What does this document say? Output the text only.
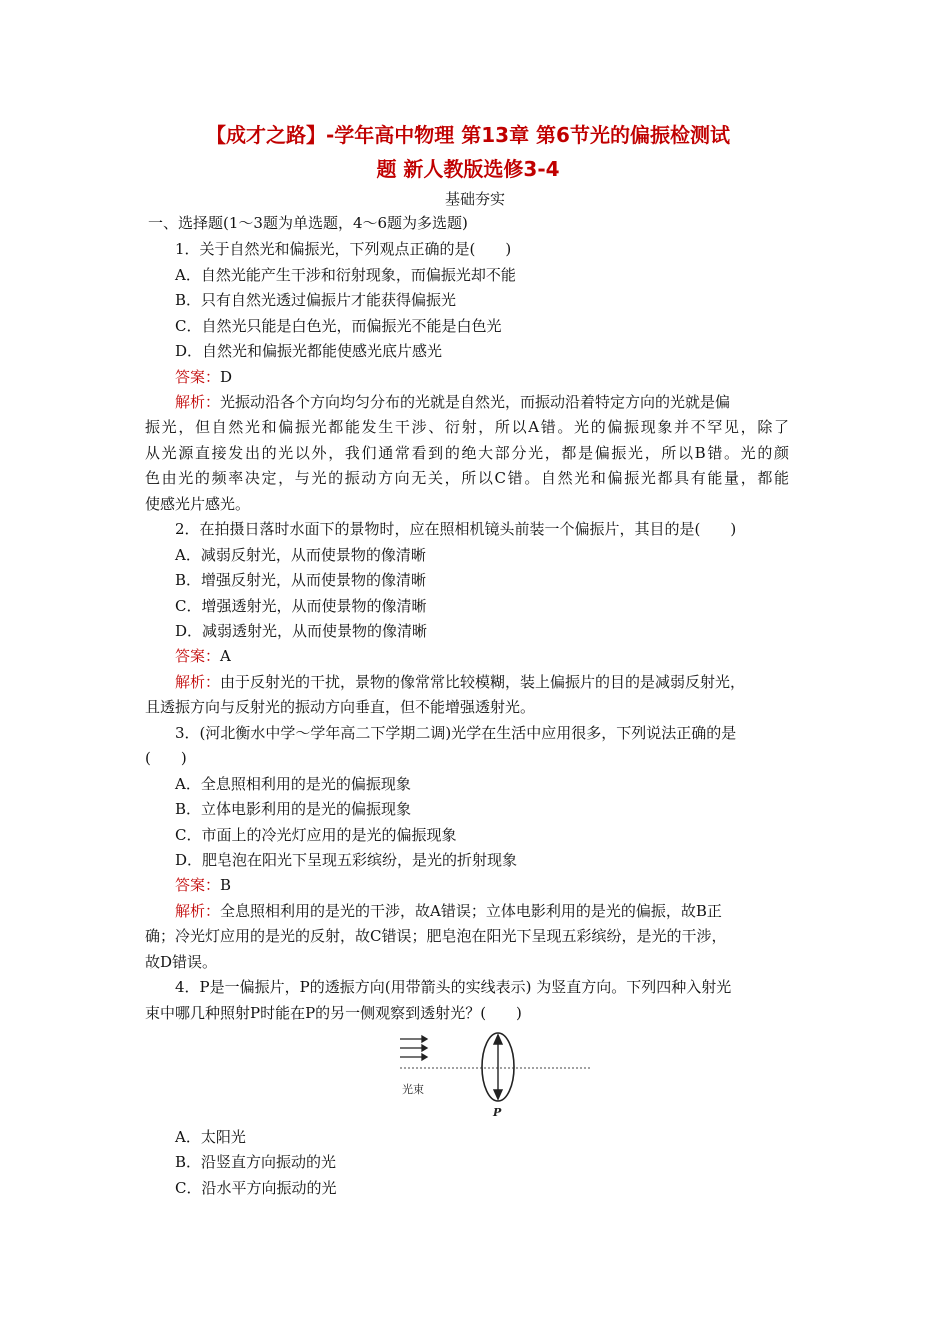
【成才之路】-学年高中物理 第13章 第6节光的偏振检测试
题 新人教版选修3-4
基础夯实
一、选择题(1～3题为单选题，4～6题为多选题)
1．关于自然光和偏振光，下列观点正确的是(　　)
A．自然光能产生干涉和衍射现象，而偏振光却不能
B．只有自然光透过偏振片才能获得偏振光
C．自然光只能是白色光，而偏振光不能是白色光
D．自然光和偏振光都能使感光底片感光
答案：D
解析：光振动沿各个方向均匀分布的光就是自然光，而振动沿着特定方向的光就是偏
振光，但自然光和偏振光都能发生干涉、衍射，所以A错。光的偏振现象并不罕见，除了
从光源直接发出的光以外，我们通常看到的绝大部分光，都是偏振光，所以B错。光的颜
色由光的频率决定，与光的振动方向无关，所以C错。自然光和偏振光都具有能量，都能
使感光片感光。
2．在拍摄日落时水面下的景物时，应在照相机镜头前装一个偏振片，其目的是(　　)
A．减弱反射光，从而使景物的像清晰
B．增强反射光，从而使景物的像清晰
C．增强透射光，从而使景物的像清晰
D．减弱透射光，从而使景物的像清晰
答案：A
解析：由于反射光的干扰，景物的像常常比较模糊，装上偏振片的目的是减弱反射光，
且透振方向与反射光的振动方向垂直，但不能增强透射光。
3．(河北衡水中学～学年高二下学期二调)光学在生活中应用很多，下列说法正确的是
(　　)
A．全息照相利用的是光的偏振现象
B．立体电影利用的是光的偏振现象
C．市面上的冷光灯应用的是光的偏振现象
D．肥皂泡在阳光下呈现五彩缤纷，是光的折射现象
答案：B
解析：全息照相利用的是光的干涉，故A错误；立体电影利用的是光的偏振，故B正
确；冷光灯应用的是光的反射，故C错误；肥皂泡在阳光下呈现五彩缤纷，是光的干涉，
故D错误。
4．P是一偏振片，P的透振方向(用带箭头的实线表示) 为竖直方向。下列四种入射光
束中哪几种照射P时能在P的另一侧观察到透射光？(　　)
光束
P
A．太阳光
B．沿竖直方向振动的光
C．沿水平方向振动的光
